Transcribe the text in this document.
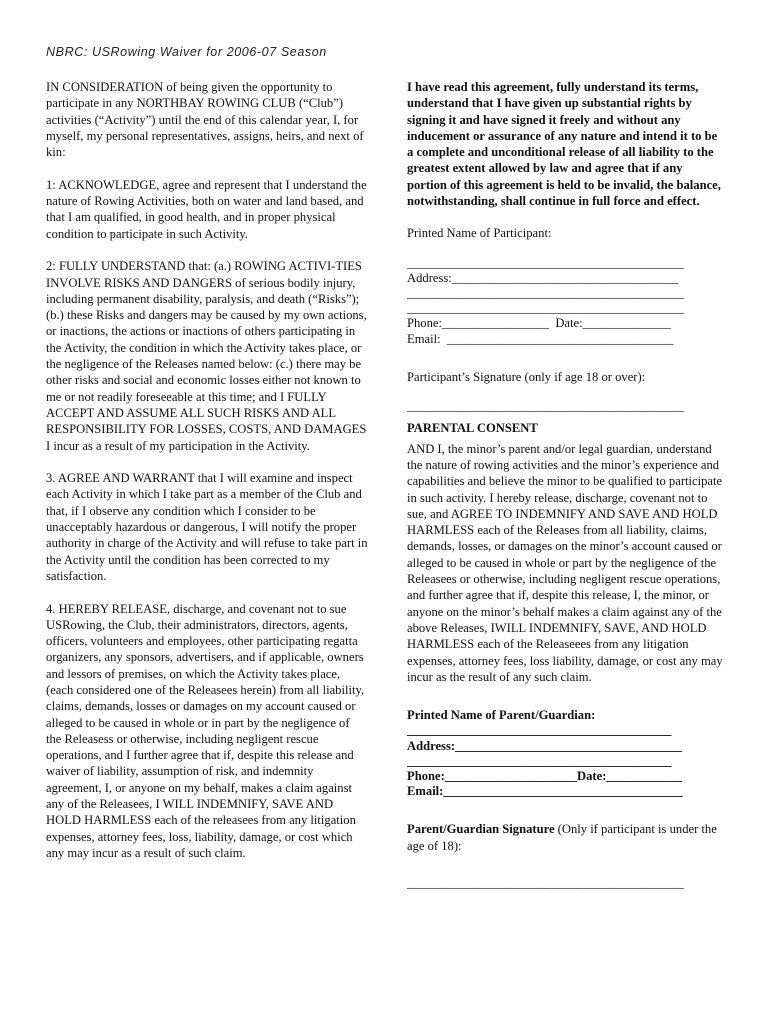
NBRC: USRowing Waiver for 2006-07 Season

IN CONSIDERATION of being given the opportunity to participate in any NORTHBAY ROWING CLUB (“Club”) activities (“Activity”) until the end of this calendar year, I, for myself, my personal representatives, assigns, heirs, and next of kin:

1: ACKNOWLEDGE, agree and represent that I understand the nature of Rowing Activities, both on water and land based, and that I am qualified, in good health, and in proper physical condition to participate in such Activity.

2: FULLY UNDERSTAND that: (a.) ROWING ACTIVI-TIES INVOLVE RISKS AND DANGERS of serious bodily injury, including permanent disability, paralysis, and death (“Risks”); (b.) these Risks and dangers may be caused by my own actions, or inactions, the actions or inactions of others participating in the Activity, the condition in which the Activity takes place, or the negligence of the Releases named below: (c.) there may be other risks and social and economic losses either not known to me or not readily foreseeable at this time; and I FULLY ACCEPT AND ASSUME ALL SUCH RISKS AND ALL RESPONSIBILITY FOR LOSSES, COSTS, AND DAMAGES I incur as a result of my participation in the Activity.

3. AGREE AND WARRANT that I will examine and inspect each Activity in which I take part as a member of the Club and that, if I observe any condition which I consider to be unacceptably hazardous or dangerous, I will notify the proper authority in charge of the Activity and will refuse to take part in the Activity until the condition has been corrected to my satisfaction.

4. HEREBY RELEASE, discharge, and covenant not to sue USRowing, the Club, their administrators, directors, agents, officers, volunteers and employees, other participating regatta organizers, any sponsors, advertisers, and if applicable, owners and lessors of premises, on which the Activity takes place, (each considered one of the Releasees herein) from all liability, claims, demands, losses or damages on my account caused or alleged to be caused in whole or in part by the negligence of the Releasess or otherwise, including negligent rescue operations, and I further agree that if, despite this release and waiver of liability, assumption of risk, and indemnity agreement, I, or anyone on my behalf, makes a claim against any of the Releasees, I WILL INDEMNIFY, SAVE AND HOLD HARMLESS each of the releasees from any litigation expenses, attorney fees, loss, liability, damage, or cost which any may incur as a result of such claim.

I have read this agreement, fully understand its terms, understand that I have given up substantial rights by signing it and have signed it freely and without any inducement or assurance of any nature and intend it to be a complete and unconditional release of all liability to the greatest extent allowed by law and agree that if any portion of this agreement is held to be invalid, the balance, notwithstanding, shall continue in full force and effect.

Printed Name of Participant:

____________________________________________
Address:____________________________________
____________________________________________
____________________________________________
Phone:_________________  Date:______________
Email:  ____________________________________

Participant’s Signature (only if age 18 or over):

____________________________________________

PARENTAL CONSENT

AND I, the minor’s parent and/or legal guardian, understand the nature of rowing activities and the minor’s experience and capabilities and believe the minor to be qualified to participate in such activity. I hereby release, discharge, covenant not to sue, and AGREE TO INDEMNIFY AND SAVE AND HOLD HARMLESS each of the Releases from all liability, claims, demands, losses, or damages on the minor’s account caused or alleged to be caused in whole or part by the negligence of the Releasees or otherwise, including negligent rescue operations, and further agree that if, despite this release, I, the minor, or anyone on the minor’s behalf makes a claim against any of the above Releases, IWILL INDEMNIFY, SAVE, AND HOLD HARMLESS each of the Releaseees from any litigation expenses, attorney fees, loss liability, damage, or cost any may incur as the result of any such claim.

Printed Name of Parent/Guardian:

__________________________________________
Address:____________________________________
__________________________________________
Phone:_____________________Date:____________
Email:______________________________________

Parent/Guardian Signature (Only if participant is under the age of 18):

____________________________________________
